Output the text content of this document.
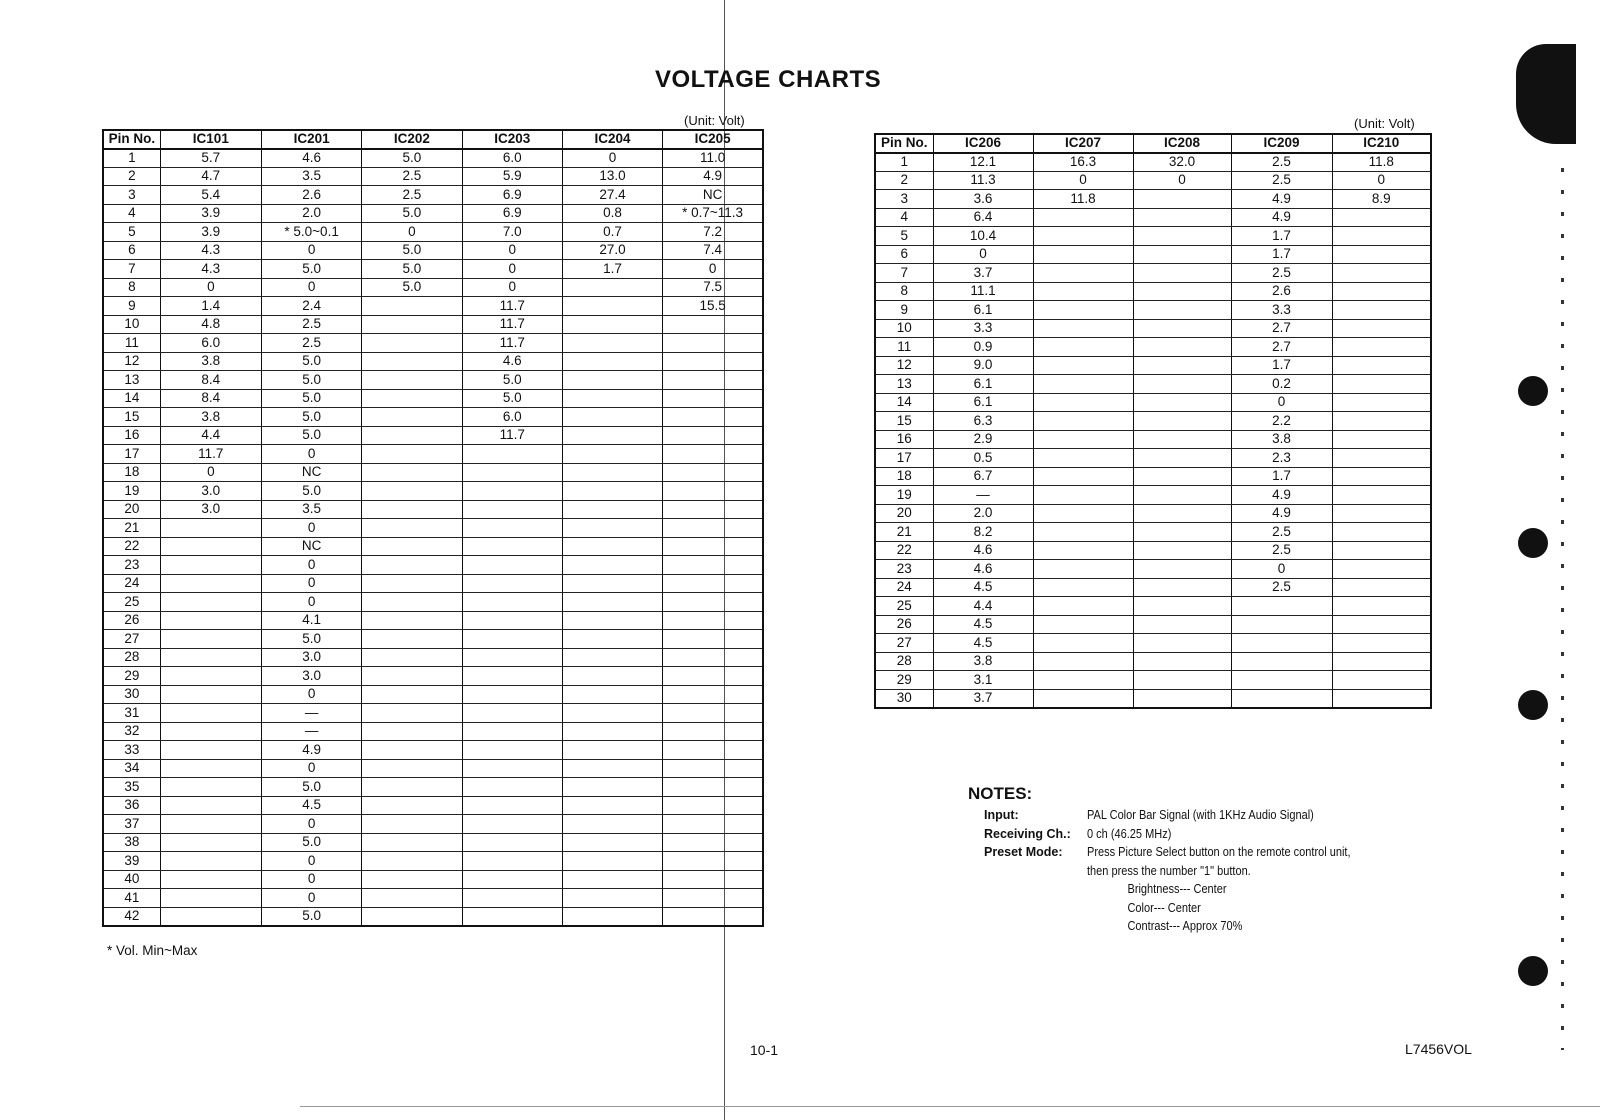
VOLTAGE CHARTS
(Unit: Volt)	(Unit: Volt)
Pin No.	IC101	IC201	IC202	IC203	IC204	IC205
1	5.7	4.6	5.0	6.0	0	11.0
2	4.7	3.5	2.5	5.9	13.0	4.9
3	5.4	2.6	2.5	6.9	27.4	NC
4	3.9	2.0	5.0	6.9	0.8	* 0.7~11.3
5	3.9	* 5.0~0.1	0	7.0	0.7	7.2
6	4.3	0	5.0	0	27.0	7.4
7	4.3	5.0	5.0	0	1.7	0
8	0	0	5.0	0		7.5
9	1.4	2.4		11.7		15.5
10	4.8	2.5		11.7		
11	6.0	2.5		11.7		
12	3.8	5.0		4.6		
13	8.4	5.0		5.0		
14	8.4	5.0		5.0		
15	3.8	5.0		6.0		
16	4.4	5.0		11.7		
17	11.7	0				
18	0	NC				
19	3.0	5.0				
20	3.0	3.5				
21		0				
22		NC				
23		0				
24		0				
25		0				
26		4.1				
27		5.0				
28		3.0				
29		3.0				
30		0				
31		—				
32		—				
33		4.9				
34		0				
35		5.0				
36		4.5				
37		0				
38		5.0				
39		0				
40		0				
41		0				
42		5.0				
Pin No.	IC206	IC207	IC208	IC209	IC210
1	12.1	16.3	32.0	2.5	11.8
2	11.3	0	0	2.5	0
3	3.6	11.8		4.9	8.9
4	6.4			4.9	
5	10.4			1.7	
6	0			1.7	
7	3.7			2.5	
8	11.1			2.6	
9	6.1			3.3	
10	3.3			2.7	
11	0.9			2.7	
12	9.0			1.7	
13	6.1			0.2	
14	6.1			0	
15	6.3			2.2	
16	2.9			3.8	
17	0.5			2.3	
18	6.7			1.7	
19	—			4.9	
20	2.0			4.9	
21	8.2			2.5	
22	4.6			2.5	
23	4.6			0	
24	4.5			2.5	
25	4.4				
26	4.5				
27	4.5				
28	3.8				
29	3.1				
30	3.7				
* Vol. Min~Max
NOTES:
Input:	PAL Color Bar Signal (with 1KHz Audio Signal)
Receiving Ch.:	0 ch (46.25 MHz)
Preset Mode:	Press Picture Select button on the remote control unit,
then press the number "1" button.
Brightness--- Center
Color--- Center
Contrast--- Approx 70%
10-1	L7456VOL
